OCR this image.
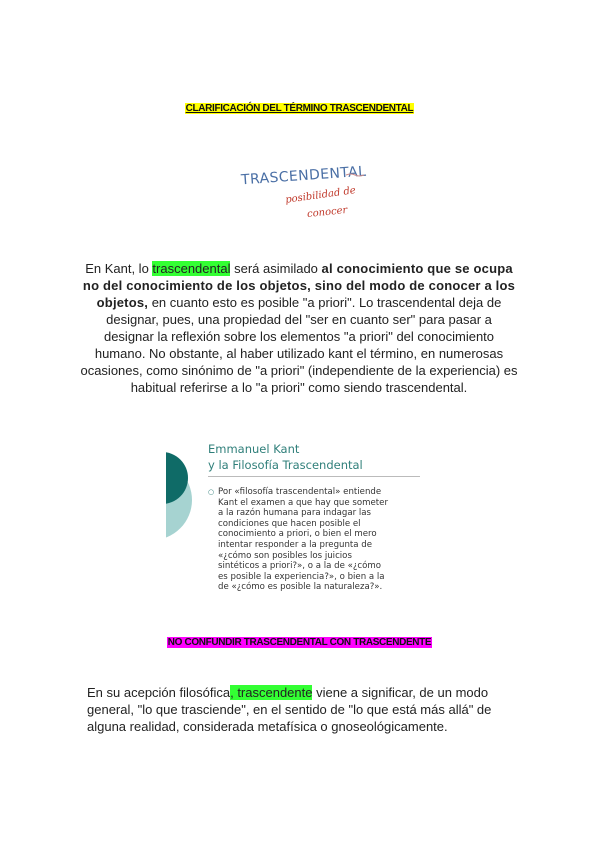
CLARIFICACIÓN DEL TÉRMINO TRASCENDENTAL
TRASCENDENTAL
posibilidad de
conocer
En Kant, lo trascendental será asimilado al conocimiento que se ocupa no del conocimiento de los objetos, sino del modo de conocer a los objetos, en cuanto esto es posible "a priori". Lo trascendental deja de designar, pues, una propiedad del "ser en cuanto ser" para pasar a designar la reflexión sobre los elementos "a priori" del conocimiento humano. No obstante, al haber utilizado kant el término, en numerosas ocasiones, como sinónimo de "a priori" (independiente de la experiencia) es habitual referirse a lo "a priori" como siendo trascendental.
Emmanuel Kant
y la Filosofía Trascendental
○ Por «filosofía trascendental» entiende
Kant el examen a que hay que someter
a la razón humana para indagar las
condiciones que hacen posible el
conocimiento a priori, o bien el mero
intentar responder a la pregunta de
«¿cómo son posibles los juicios
sintéticos a priori?», o a la de «¿cómo
es posible la experiencia?», o bien a la
de «¿cómo es posible la naturaleza?».
NO CONFUNDIR TRASCENDENTAL CON TRASCENDENTE
En su acepción filosófica, trascendente viene a significar, de un modo general, "lo que trasciende", en el sentido de "lo que está más allá" de alguna realidad, considerada metafísica o gnoseológicamente.
